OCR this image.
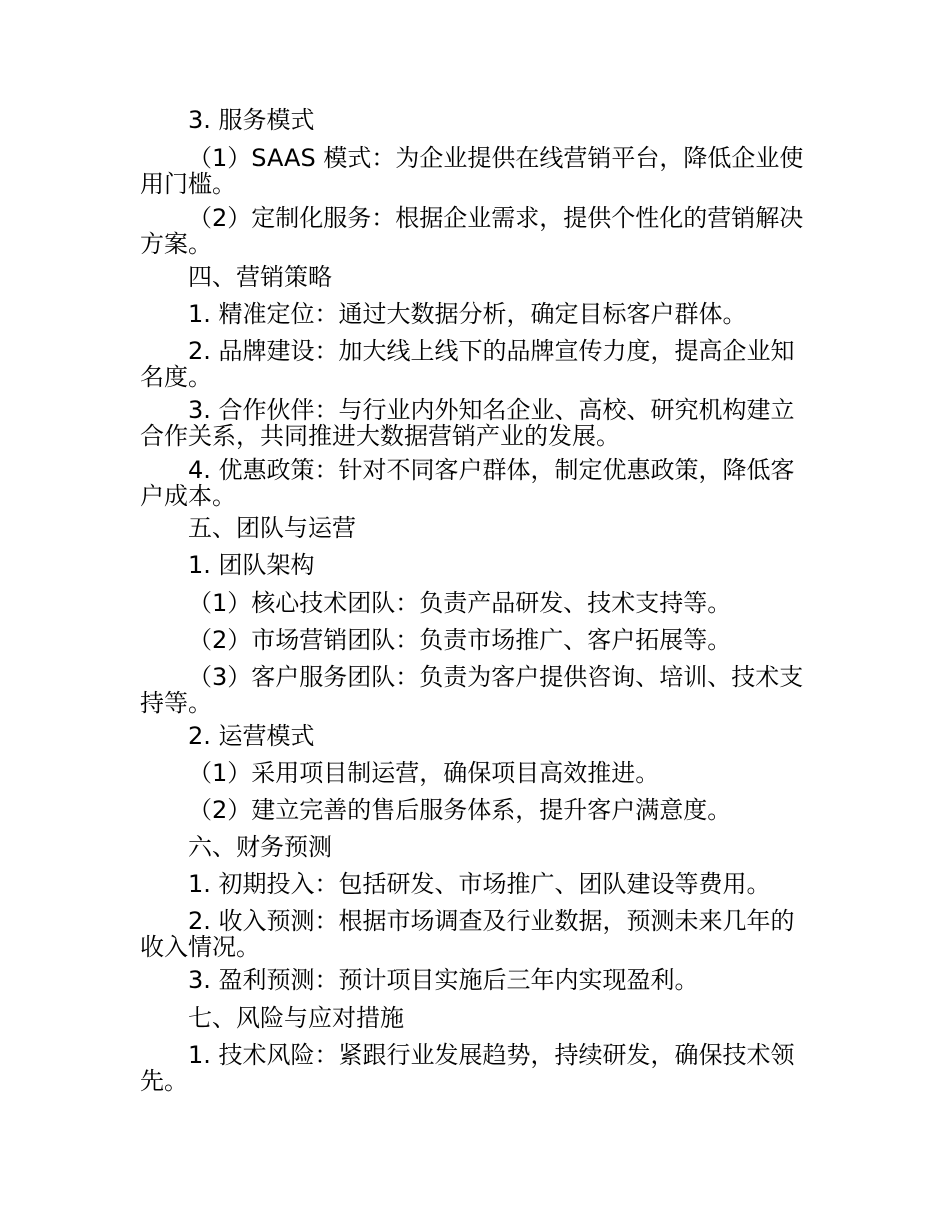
3. 服务模式

（1）SAAS 模式：为企业提供在线营销平台，降低企业使用门槛。

（2）定制化服务：根据企业需求，提供个性化的营销解决方案。

四、营销策略

1. 精准定位：通过大数据分析，确定目标客户群体。

2. 品牌建设：加大线上线下的品牌宣传力度，提高企业知名度。

3. 合作伙伴：与行业内外知名企业、高校、研究机构建立合作关系，共同推进大数据营销产业的发展。

4. 优惠政策：针对不同客户群体，制定优惠政策，降低客户成本。

五、团队与运营

1. 团队架构

（1）核心技术团队：负责产品研发、技术支持等。

（2）市场营销团队：负责市场推广、客户拓展等。

（3）客户服务团队：负责为客户提供咨询、培训、技术支持等。

2. 运营模式

（1）采用项目制运营，确保项目高效推进。

（2）建立完善的售后服务体系，提升客户满意度。

六、财务预测

1. 初期投入：包括研发、市场推广、团队建设等费用。

2. 收入预测：根据市场调查及行业数据，预测未来几年的收入情况。

3. 盈利预测：预计项目实施后三年内实现盈利。

七、风险与应对措施

1. 技术风险：紧跟行业发展趋势，持续研发，确保技术领先。
